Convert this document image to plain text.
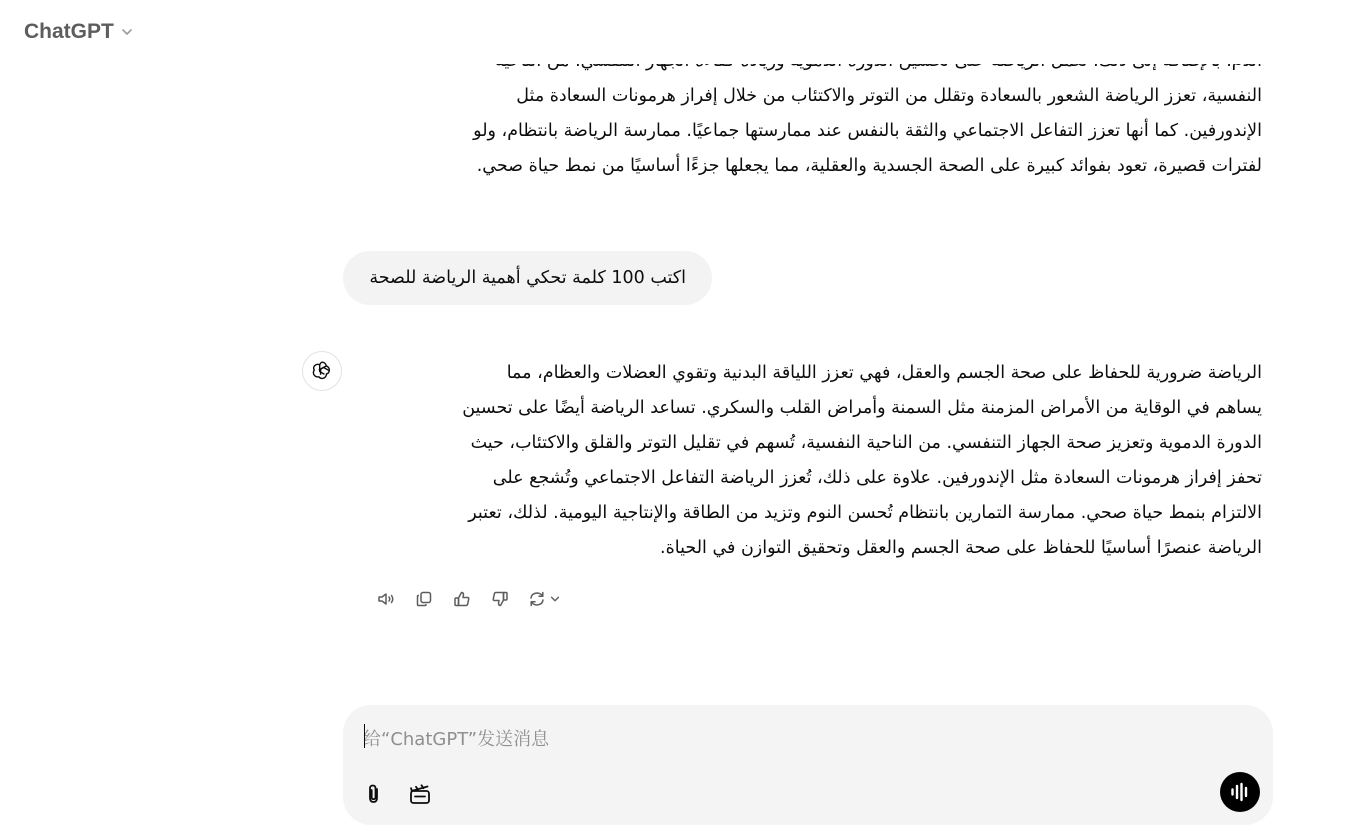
ChatGPT
النفسية، تعزز الرياضة الشعور بالسعادة وتقلل من التوتر والاكتئاب من خلال إفراز هرمونات السعادة مثل
الإندورفين. كما أنها تعزز التفاعل الاجتماعي والثقة بالنفس عند ممارستها جماعيًا. ممارسة الرياضة بانتظام، ولو
لفترات قصيرة، تعود بفوائد كبيرة على الصحة الجسدية والعقلية، مما يجعلها جزءًا أساسيًا من نمط حياة صحي.
اكتب 100 كلمة تحكي أهمية الرياضة للصحة
الرياضة ضرورية للحفاظ على صحة الجسم والعقل، فهي تعزز اللياقة البدنية وتقوي العضلات والعظام، مما
يساهم في الوقاية من الأمراض المزمنة مثل السمنة وأمراض القلب والسكري. تساعد الرياضة أيضًا على تحسين
الدورة الدموية وتعزيز صحة الجهاز التنفسي. من الناحية النفسية، تُسهم في تقليل التوتر والقلق والاكتئاب، حيث
تحفز إفراز هرمونات السعادة مثل الإندورفين. علاوة على ذلك، تُعزز الرياضة التفاعل الاجتماعي وتُشجع على
الالتزام بنمط حياة صحي. ممارسة التمارين بانتظام تُحسن النوم وتزيد من الطاقة والإنتاجية اليومية. لذلك، تعتبر
الرياضة عنصرًا أساسيًا للحفاظ على صحة الجسم والعقل وتحقيق التوازن في الحياة.
给“ChatGPT”发送消息
